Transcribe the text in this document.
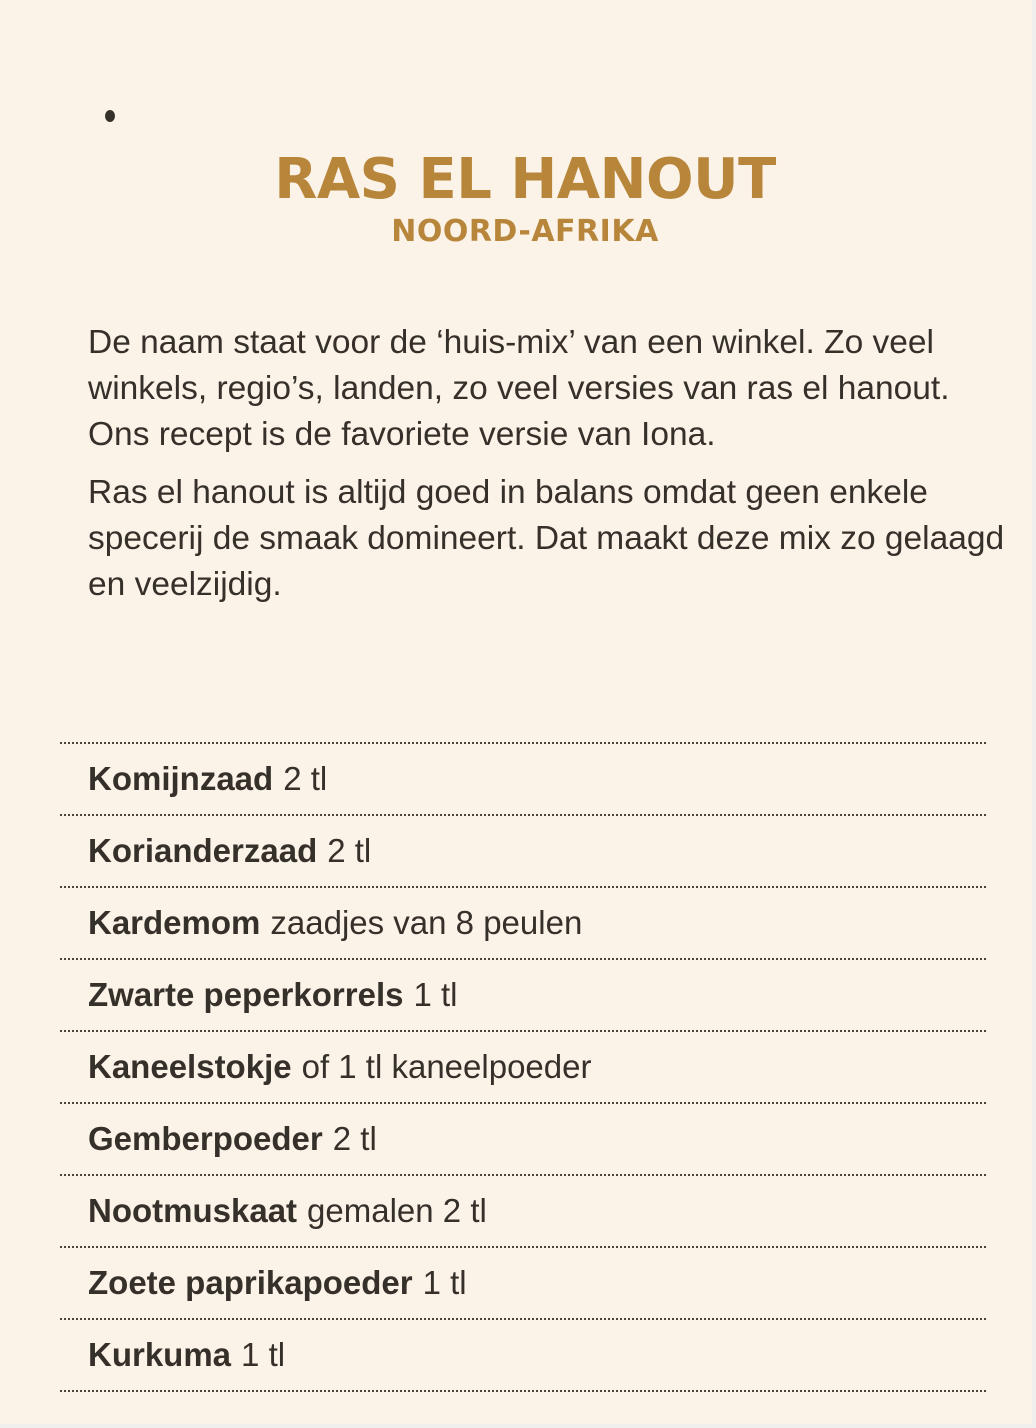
RAS EL HANOUT
NOORD-AFRIKA

De naam staat voor de ‘huis-mix’ van een winkel. Zo veel winkels, regio’s, landen, zo veel versies van ras el hanout. Ons recept is de favoriete versie van Iona.

Ras el hanout is altijd goed in balans omdat geen enkele specerij de smaak domineert. Dat maakt deze mix zo gelaagd en veelzijdig.

Komijnzaad 2 tl
Korianderzaad 2 tl
Kardemom zaadjes van 8 peulen
Zwarte peperkorrels 1 tl
Kaneelstokje of 1 tl kaneelpoeder
Gemberpoeder 2 tl
Nootmuskaat gemalen 2 tl
Zoete paprikapoeder 1 tl
Kurkuma 1 tl
